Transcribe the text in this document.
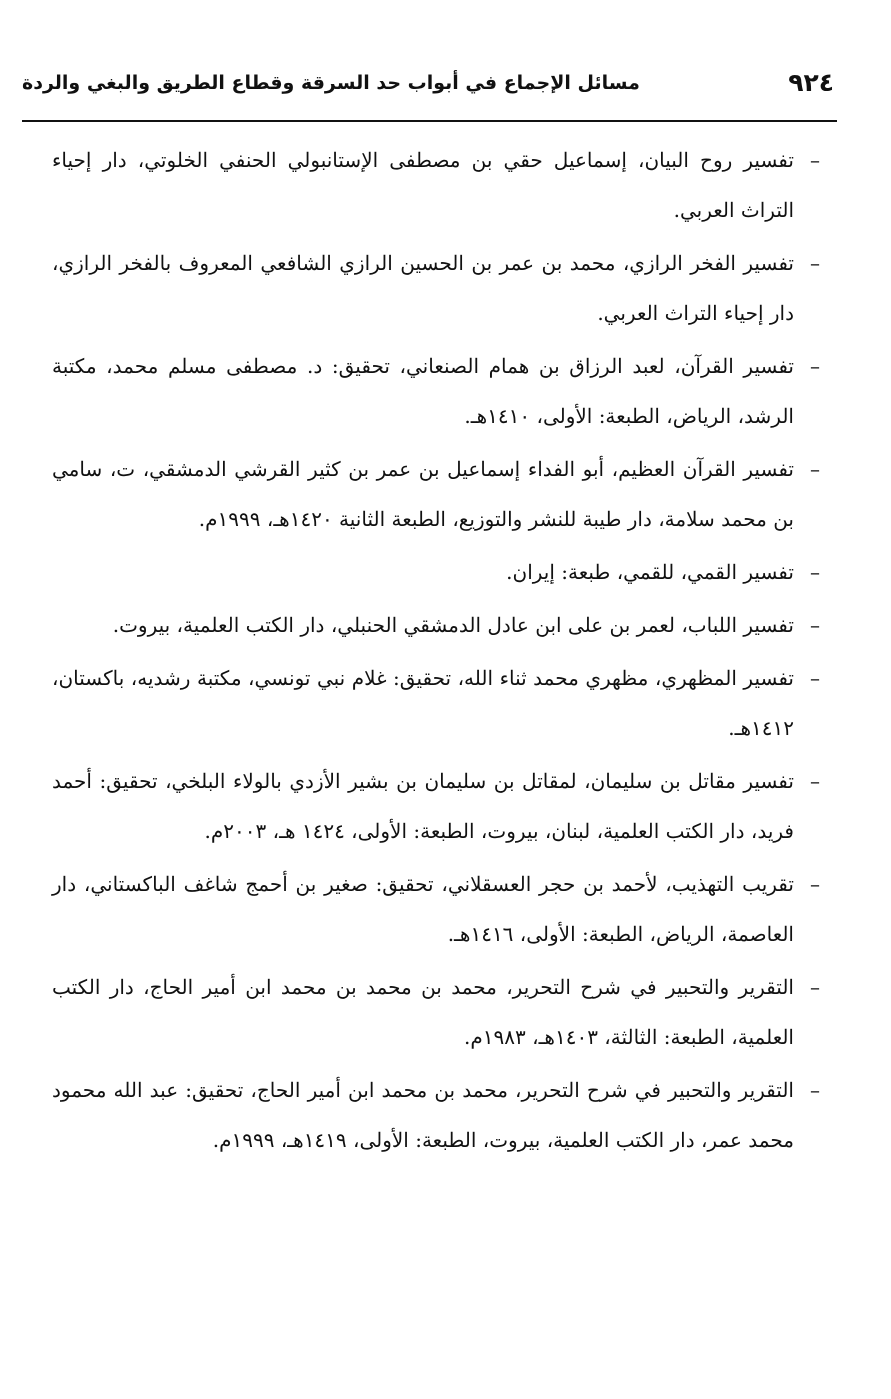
٩٢٤
مسائل الإجماع في أبواب حد السرقة وقطاع الطريق والبغي والردة
–
تفسير روح البيان، إسماعيل حقي بن مصطفى الإستانبولي الحنفي الخلوتي، دار إحياء التراث العربي.
–
تفسير الفخر الرازي، محمد بن عمر بن الحسين الرازي الشافعي المعروف بالفخر الرازي، دار إحياء التراث العربي.
–
تفسير القرآن، لعبد الرزاق بن همام الصنعاني، تحقيق: د. مصطفى مسلم محمد، مكتبة الرشد، الرياض، الطبعة: الأولى، ١٤١٠هـ.
–
تفسير القرآن العظيم، أبو الفداء إسماعيل بن عمر بن كثير القرشي الدمشقي، ت، سامي بن محمد سلامة، دار طيبة للنشر والتوزيع، الطبعة الثانية ١٤٢٠هـ، ١٩٩٩م.
–
تفسير القمي، للقمي، طبعة: إيران.
–
تفسير اللباب، لعمر بن على ابن عادل الدمشقي الحنبلي، دار الكتب العلمية، بيروت.
–
تفسير المظهري، مظهري محمد ثناء الله، تحقيق: غلام نبي تونسي، مكتبة رشديه، باكستان، ١٤١٢هـ.
–
تفسير مقاتل بن سليمان، لمقاتل بن سليمان بن بشير الأزدي بالولاء البلخي، تحقيق: أحمد فريد، دار الكتب العلمية، لبنان، بيروت، الطبعة: الأولى، ١٤٢٤ هـ، ٢٠٠٣م.
–
تقريب التهذيب، لأحمد بن حجر العسقلاني، تحقيق: صغير بن أحمج شاغف الباكستاني، دار العاصمة، الرياض، الطبعة: الأولى، ١٤١٦هـ.
–
التقرير والتحبير في شرح التحرير، محمد بن محمد بن محمد ابن أمير الحاج، دار الكتب العلمية، الطبعة: الثالثة، ١٤٠٣هـ، ١٩٨٣م.
–
التقرير والتحبير في شرح التحرير، محمد بن محمد ابن أمير الحاج، تحقيق: عبد الله محمود محمد عمر، دار الكتب العلمية، بيروت، الطبعة: الأولى، ١٤١٩هـ، ١٩٩٩م.
